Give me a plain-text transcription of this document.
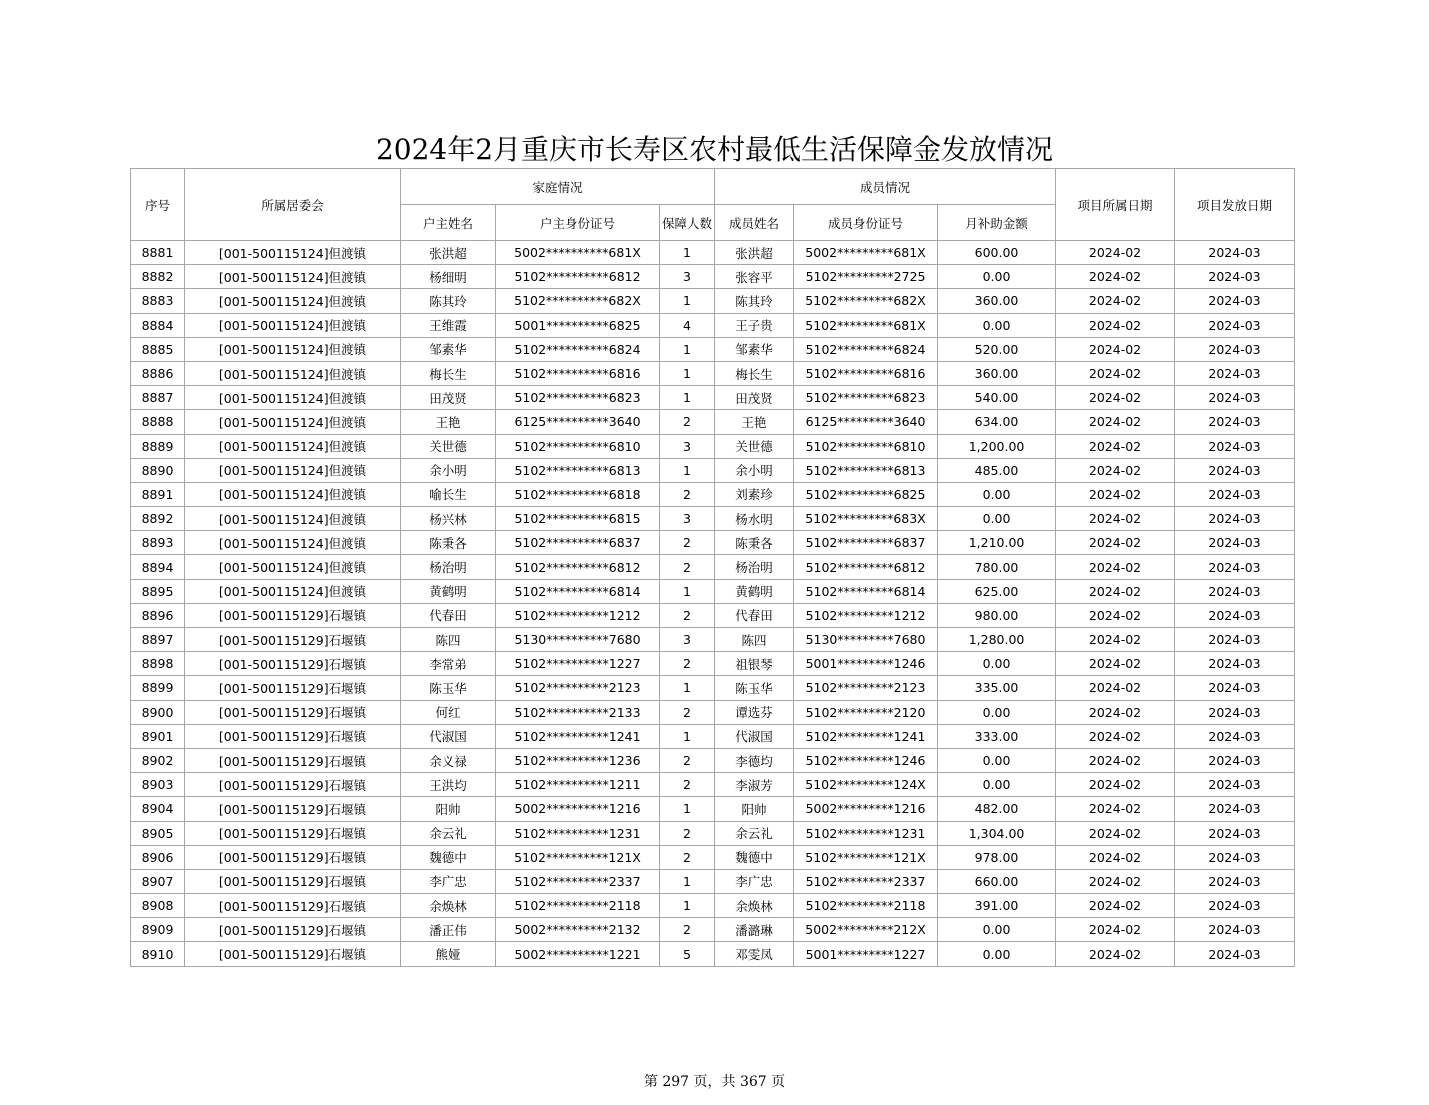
2024年2月重庆市长寿区农村最低生活保障金发放情况
序号	所属居委会	家庭情况			成员情况			项目所属日期	项目发放日期
		户主姓名	户主身份证号	保障人数	成员姓名	成员身份证号	月补助金额		
8881	[001-500115124]但渡镇	张洪超	5002**********681X	1	张洪超	5002*********681X	600.00	2024-02	2024-03
8882	[001-500115124]但渡镇	杨细明	5102**********6812	3	张容平	5102*********2725	0.00	2024-02	2024-03
8883	[001-500115124]但渡镇	陈其玲	5102**********682X	1	陈其玲	5102*********682X	360.00	2024-02	2024-03
8884	[001-500115124]但渡镇	王维霞	5001**********6825	4	王子贵	5102*********681X	0.00	2024-02	2024-03
8885	[001-500115124]但渡镇	邹素华	5102**********6824	1	邹素华	5102*********6824	520.00	2024-02	2024-03
8886	[001-500115124]但渡镇	梅长生	5102**********6816	1	梅长生	5102*********6816	360.00	2024-02	2024-03
8887	[001-500115124]但渡镇	田茂贤	5102**********6823	1	田茂贤	5102*********6823	540.00	2024-02	2024-03
8888	[001-500115124]但渡镇	王艳	6125**********3640	2	王艳	6125*********3640	634.00	2024-02	2024-03
8889	[001-500115124]但渡镇	关世德	5102**********6810	3	关世德	5102*********6810	1,200.00	2024-02	2024-03
8890	[001-500115124]但渡镇	余小明	5102**********6813	1	余小明	5102*********6813	485.00	2024-02	2024-03
8891	[001-500115124]但渡镇	喻长生	5102**********6818	2	刘素珍	5102*********6825	0.00	2024-02	2024-03
8892	[001-500115124]但渡镇	杨兴林	5102**********6815	3	杨水明	5102*********683X	0.00	2024-02	2024-03
8893	[001-500115124]但渡镇	陈秉各	5102**********6837	2	陈秉各	5102*********6837	1,210.00	2024-02	2024-03
8894	[001-500115124]但渡镇	杨治明	5102**********6812	2	杨治明	5102*********6812	780.00	2024-02	2024-03
8895	[001-500115124]但渡镇	黄鹤明	5102**********6814	1	黄鹤明	5102*********6814	625.00	2024-02	2024-03
8896	[001-500115129]石堰镇	代春田	5102**********1212	2	代春田	5102*********1212	980.00	2024-02	2024-03
8897	[001-500115129]石堰镇	陈四	5130**********7680	3	陈四	5130*********7680	1,280.00	2024-02	2024-03
8898	[001-500115129]石堰镇	李常弟	5102**********1227	2	祖银琴	5001*********1246	0.00	2024-02	2024-03
8899	[001-500115129]石堰镇	陈玉华	5102**********2123	1	陈玉华	5102*********2123	335.00	2024-02	2024-03
8900	[001-500115129]石堰镇	何红	5102**********2133	2	谭选芬	5102*********2120	0.00	2024-02	2024-03
8901	[001-500115129]石堰镇	代淑国	5102**********1241	1	代淑国	5102*********1241	333.00	2024-02	2024-03
8902	[001-500115129]石堰镇	余义禄	5102**********1236	2	李德均	5102*********1246	0.00	2024-02	2024-03
8903	[001-500115129]石堰镇	王洪均	5102**********1211	2	李淑芳	5102*********124X	0.00	2024-02	2024-03
8904	[001-500115129]石堰镇	阳帅	5002**********1216	1	阳帅	5002*********1216	482.00	2024-02	2024-03
8905	[001-500115129]石堰镇	余云礼	5102**********1231	2	余云礼	5102*********1231	1,304.00	2024-02	2024-03
8906	[001-500115129]石堰镇	魏德中	5102**********121X	2	魏德中	5102*********121X	978.00	2024-02	2024-03
8907	[001-500115129]石堰镇	李广忠	5102**********2337	1	李广忠	5102*********2337	660.00	2024-02	2024-03
8908	[001-500115129]石堰镇	余焕林	5102**********2118	1	余焕林	5102*********2118	391.00	2024-02	2024-03
8909	[001-500115129]石堰镇	潘正伟	5002**********2132	2	潘潞琳	5002*********212X	0.00	2024-02	2024-03
8910	[001-500115129]石堰镇	熊娅	5002**********1221	5	邓雯凤	5001*********1227	0.00	2024-02	2024-03
第 297 页，共 367 页
